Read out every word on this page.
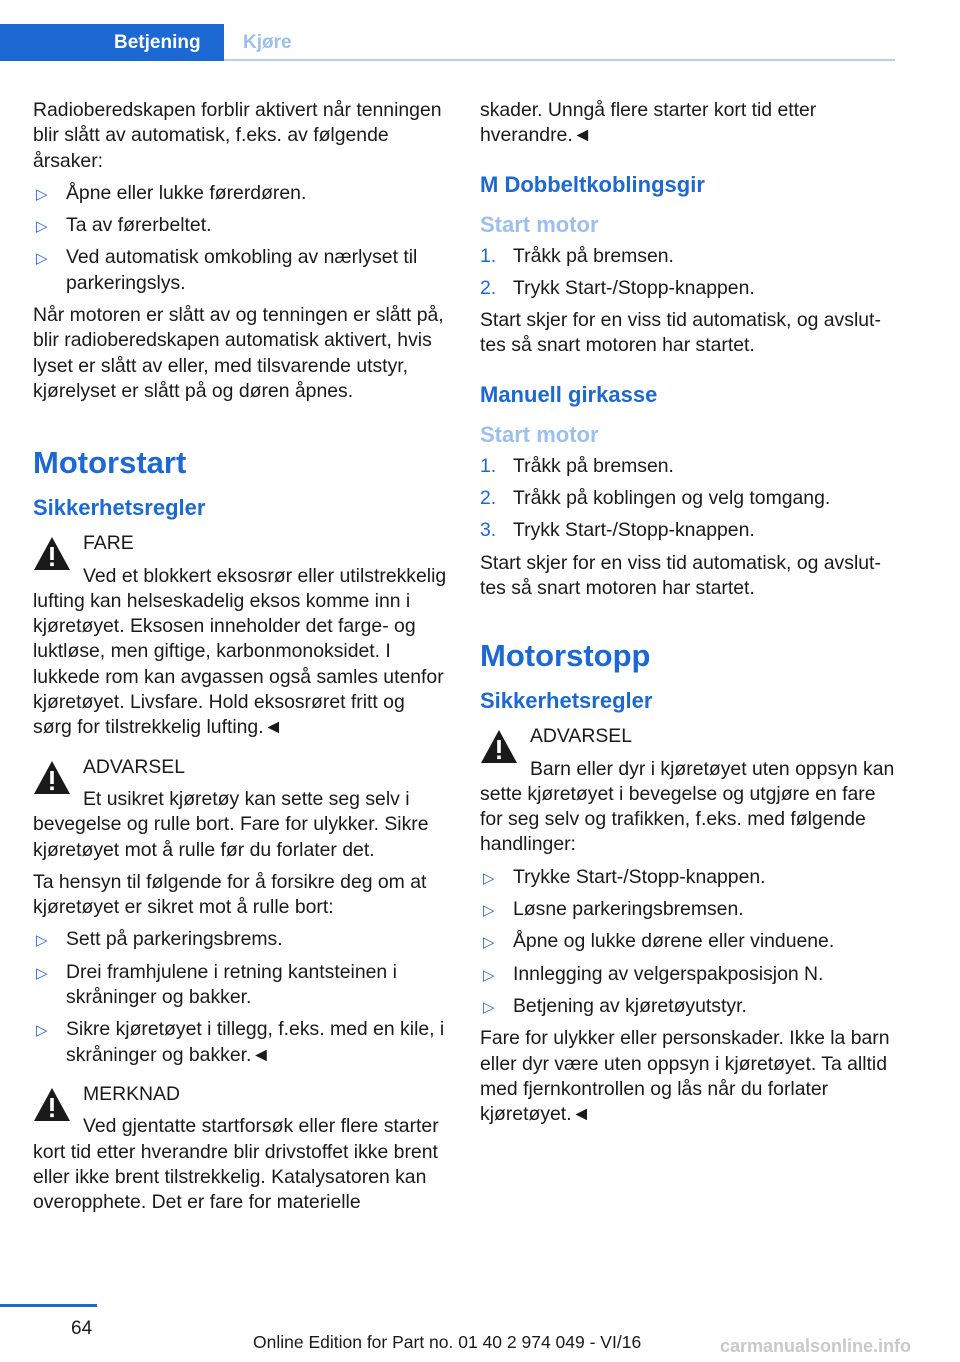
Betjening Kjøre

Radioberedskapen forblir aktivert når tenningen blir slått av automatisk, f.eks. av følgende årsaker:

▷ Åpne eller lukke førerdøren.
▷ Ta av førerbeltet.
▷ Ved automatisk omkobling av nærlyset til parkeringslys.

Når motoren er slått av og tenningen er slått på, blir radioberedskapen automatisk aktivert, hvis lyset er slått av eller, med tilsvarende utstyr, kjørelyset er slått på og døren åpnes.

Motorstart
Sikkerhetsregler
FARE
Ved et blokkert eksosrør eller utilstrekkelig lufting kan helseskadelig eksos komme inn i kjøretøyet. Eksosen inneholder det farge- og luktløse, men giftige, karbonmonoksidet. I lukkede rom kan avgassen også samles utenfor kjøretøyet. Livsfare. Hold eksosrøret fritt og sørg for tilstrekkelig lufting.◄
ADVARSEL
Et usikret kjøretøy kan sette seg selv i bevegelse og rulle bort. Fare for ulykker. Sikre kjøretøyet mot å rulle før du forlater det.

Ta hensyn til følgende for å forsikre deg om at kjøretøyet er sikret mot å rulle bort:

▷ Sett på parkeringsbrems.
▷ Drei framhjulene i retning kantsteinen i skråninger og bakker.
▷ Sikre kjøretøyet i tillegg, f.eks. med en kile, i skråninger og bakker.◄
MERKNAD
Ved gjentatte startforsøk eller flere starter kort tid etter hverandre blir drivstoffet ikke brent eller ikke brent tilstrekkelig. Katalysatoren kan overopphete. Det er fare for materielle

skader. Unngå flere starter kort tid etter hverandre.◄

M Dobbeltkoblingsgir
Start motor
1. Tråkk på bremsen.
2. Trykk Start-/Stopp-knappen.

Start skjer for en viss tid automatisk, og avsluttes så snart motoren har startet.

Manuell girkasse
Start motor
1. Tråkk på bremsen.
2. Tråkk på koblingen og velg tomgang.
3. Trykk Start-/Stopp-knappen.

Start skjer for en viss tid automatisk, og avsluttes så snart motoren har startet.

Motorstopp
Sikkerhetsregler
ADVARSEL
Barn eller dyr i kjøretøyet uten oppsyn kan sette kjøretøyet i bevegelse og utgjøre en fare for seg selv og trafikken, f.eks. med følgende handlinger:
▷ Trykke Start-/Stopp-knappen.
▷ Løsne parkeringsbremsen.
▷ Åpne og lukke dørene eller vinduene.
▷ Innlegging av velgerspakposisjon N.
▷ Betjening av kjøretøyutstyr.

Fare for ulykker eller personskader. Ikke la barn eller dyr være uten oppsyn i kjøretøyet. Ta alltid med fjernkontrollen og lås når du forlater kjøretøyet.◄

64
Online Edition for Part no. 01 40 2 974 049 - VI/16	carmanualsonline.info
